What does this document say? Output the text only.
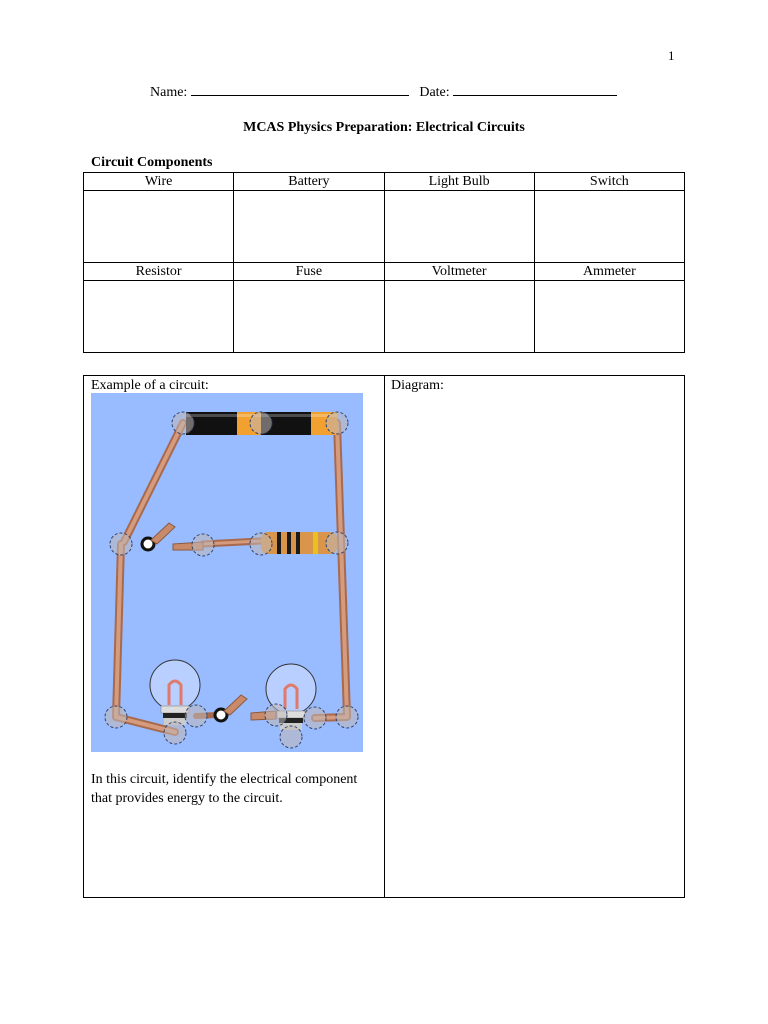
1
Name:	Date:
MCAS Physics Preparation: Electrical Circuits
Circuit Components
Wire	Battery	Light Bulb	Switch

Resistor	Fuse	Voltmeter	Ammeter

Example of a circuit:	Diagram:
In this circuit, identify the electrical component that provides energy to the circuit.
